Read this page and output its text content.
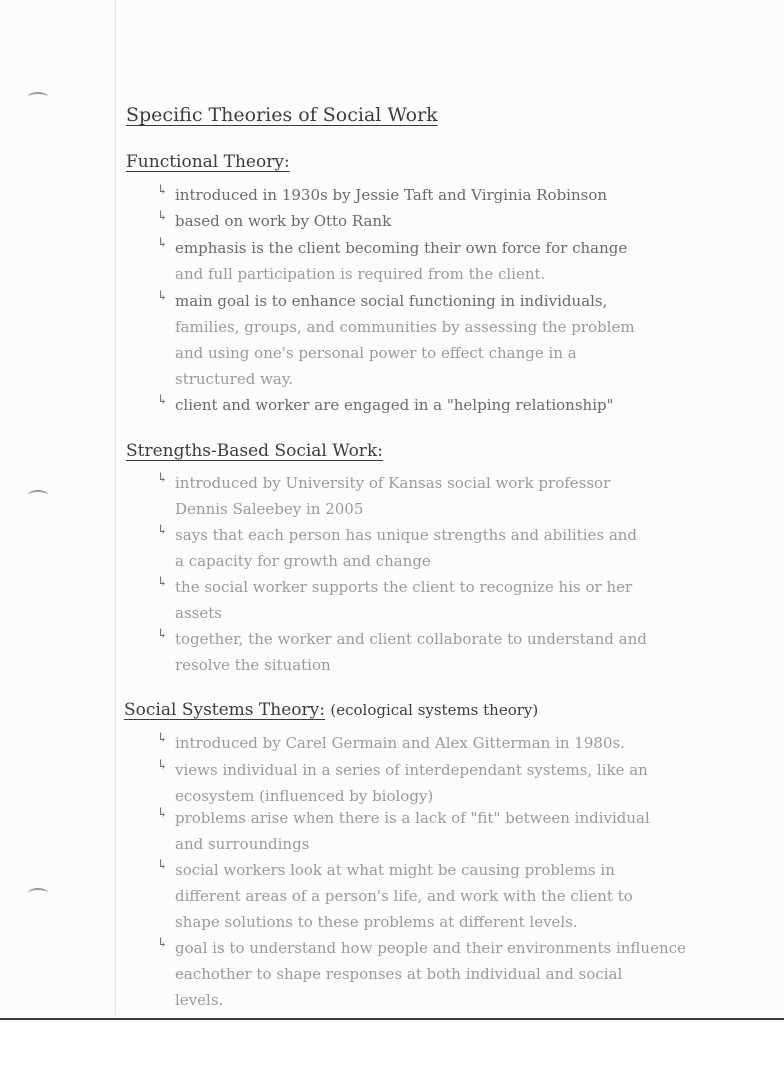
Specific Theories of Social Work
Functional Theory:
↳ introduced in 1930s by Jessie Taft and Virginia Robinson
↳ based on work by Otto Rank
↳ emphasis is the client becoming their own force for change
and full participation is required from the client.
↳ main goal is to enhance social functioning in individuals,
families, groups, and communities by assessing the problem
and using one's personal power to effect change in a
structured way.
↳ client and worker are engaged in a "helping relationship"
Strengths-Based Social Work:
↳ introduced by University of Kansas social work professor
Dennis Saleebey in 2005
↳ says that each person has unique strengths and abilities and
a capacity for growth and change
↳ the social worker supports the client to recognize his or her
assets
↳ together, the worker and client collaborate to understand and
resolve the situation
Social Systems Theory: (ecological systems theory)
↳ introduced by Carel Germain and Alex Gitterman in 1980s.
↳ views individual in a series of interdependant systems, like an
ecosystem (influenced by biology)
↳ problems arise when there is a lack of "fit" between individual
and surroundings
↳ social workers look at what might be causing problems in
different areas of a person's life, and work with the client to
shape solutions to these problems at different levels.
↳ goal is to understand how people and their environments influence
eachother to shape responses at both individual and social
levels.
